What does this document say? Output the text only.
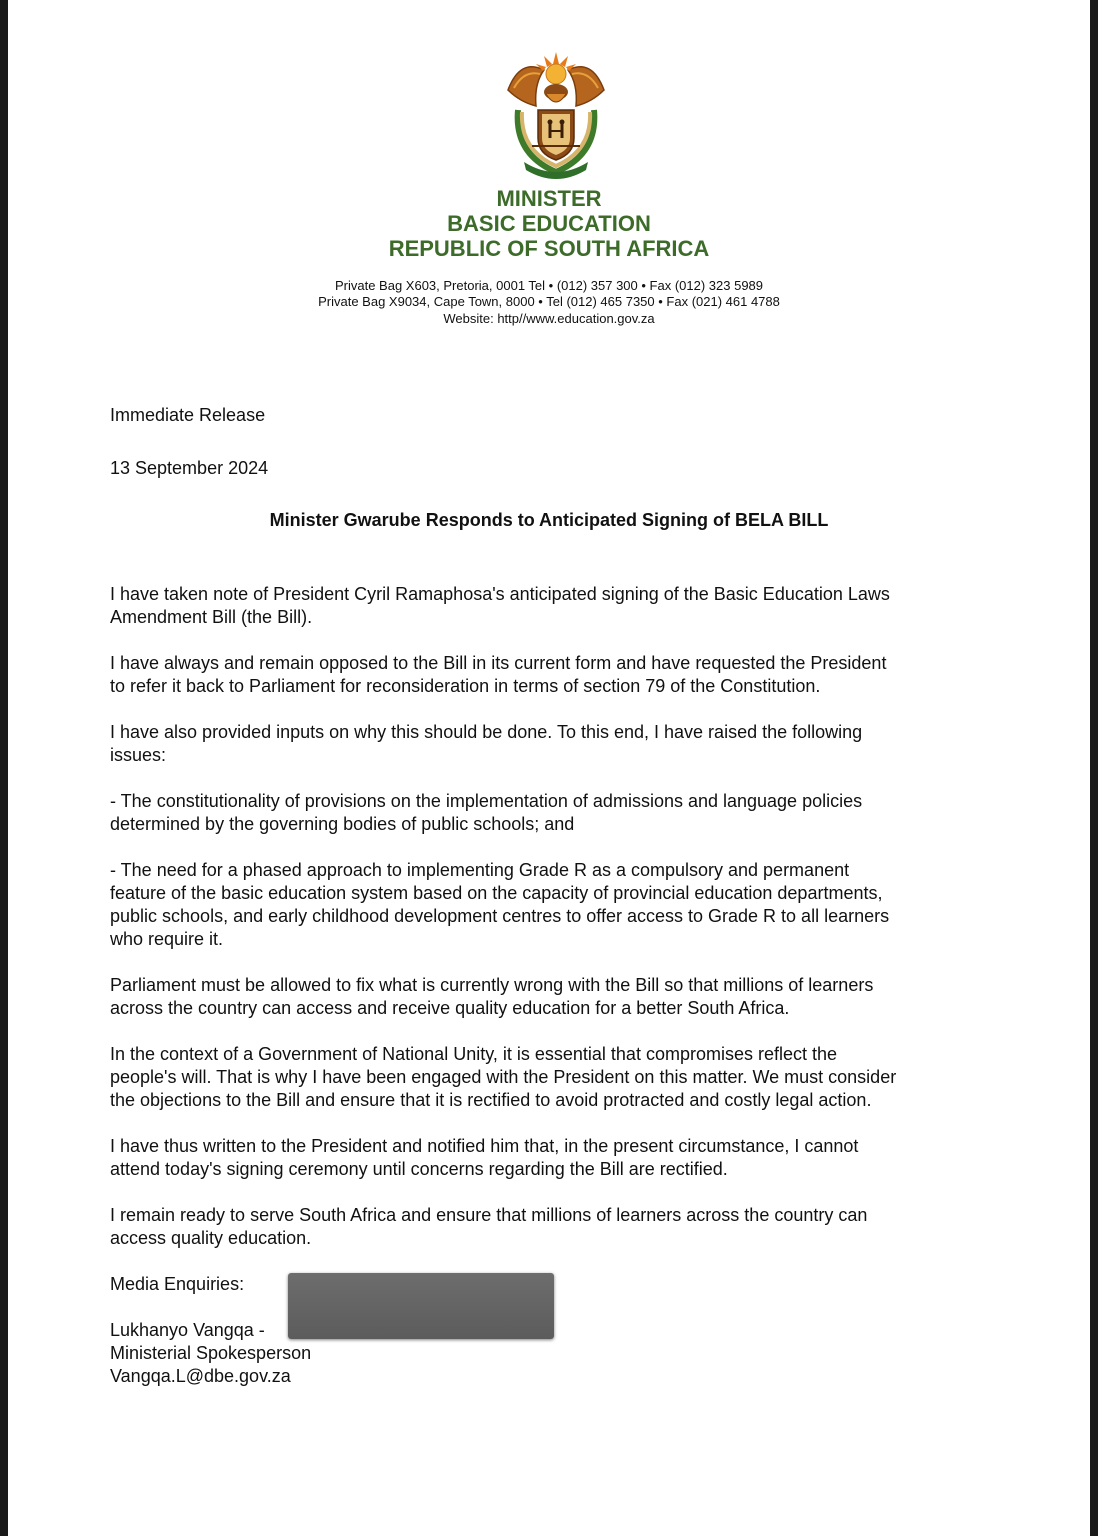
MINISTER
BASIC EDUCATION
REPUBLIC OF SOUTH AFRICA
Private Bag X603, Pretoria, 0001 Tel • (012) 357 300 • Fax (012) 323 5989
Private Bag X9034, Cape Town, 8000 • Tel (012) 465 7350 • Fax (021) 461 4788
Website: http//www.education.gov.za
Immediate Release
13 September 2024
Minister Gwarube Responds to Anticipated Signing of BELA BILL
I have taken note of President Cyril Ramaphosa's anticipated signing of the Basic Education Laws
Amendment Bill (the Bill).
I have always and remain opposed to the Bill in its current form and have requested the President
to refer it back to Parliament for reconsideration in terms of section 79 of the Constitution.
I have also provided inputs on why this should be done. To this end, I have raised the following
issues:
- The constitutionality of provisions on the implementation of admissions and language policies
determined by the governing bodies of public schools; and
- The need for a phased approach to implementing Grade R as a compulsory and permanent
feature of the basic education system based on the capacity of provincial education departments,
public schools, and early childhood development centres to offer access to Grade R to all learners
who require it.
Parliament must be allowed to fix what is currently wrong with the Bill so that millions of learners
across the country can access and receive quality education for a better South Africa.
In the context of a Government of National Unity, it is essential that compromises reflect the
people's will. That is why I have been engaged with the President on this matter. We must consider
the objections to the Bill and ensure that it is rectified to avoid protracted and costly legal action.
I have thus written to the President and notified him that, in the present circumstance, I cannot
attend today's signing ceremony until concerns regarding the Bill are rectified.
I remain ready to serve South Africa and ensure that millions of learners across the country can
access quality education.
Media Enquiries:
Lukhanyo Vangqa -
Ministerial Spokesperson
Vangqa.L@dbe.gov.za
